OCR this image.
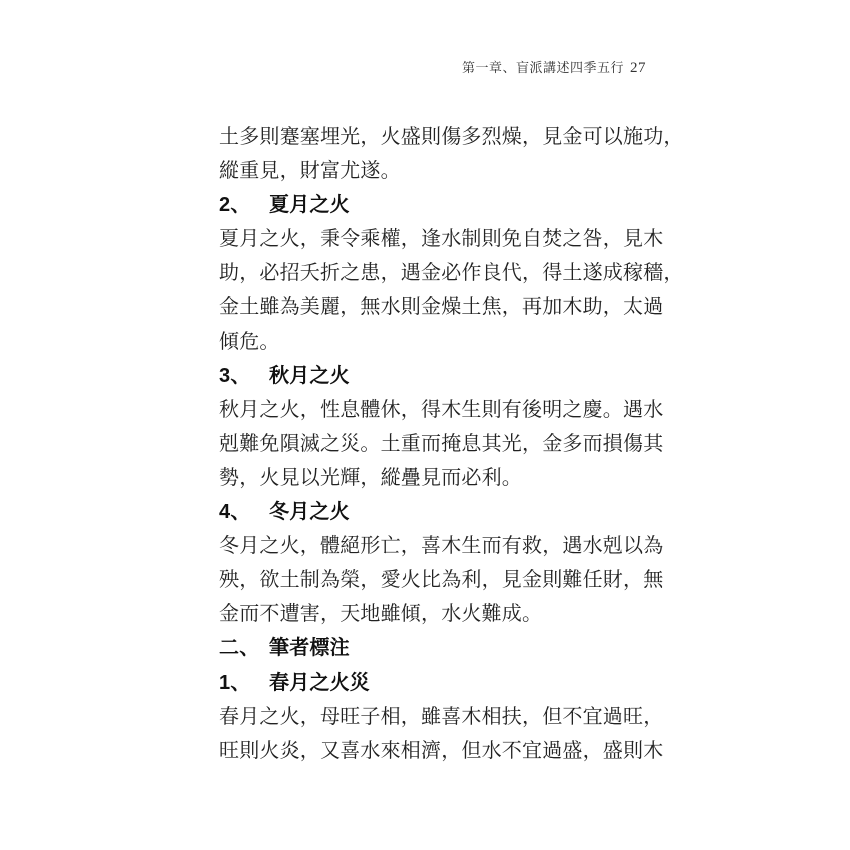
第一章、盲派講述四季五行 27
土多則蹇塞埋光，火盛則傷多烈燥，見金可以施功，
縱重見，財富尤遂。
2、 夏月之火
夏月之火，秉令乘權，逢水制則免自焚之咎，見木
助，必招夭折之患，遇金必作良代，得土遂成稼穡，
金土雖為美麗，無水則金燥土焦，再加木助，太過
傾危。
3、 秋月之火
秋月之火，性息體休，得木生則有後明之慶。遇水
剋難免隕滅之災。土重而掩息其光，金多而損傷其
勢，火見以光輝，縱疊見而必利。
4、 冬月之火
冬月之火，體絕形亡，喜木生而有救，遇水剋以為
殃，欲土制為榮，愛火比為利，見金則難任財，無
金而不遭害，天地雖傾，水火難成。
二、 筆者標注
1、 春月之火災
春月之火，母旺子相，雖喜木相扶，但不宜過旺，
旺則火炎，又喜水來相濟，但水不宜過盛，盛則木
